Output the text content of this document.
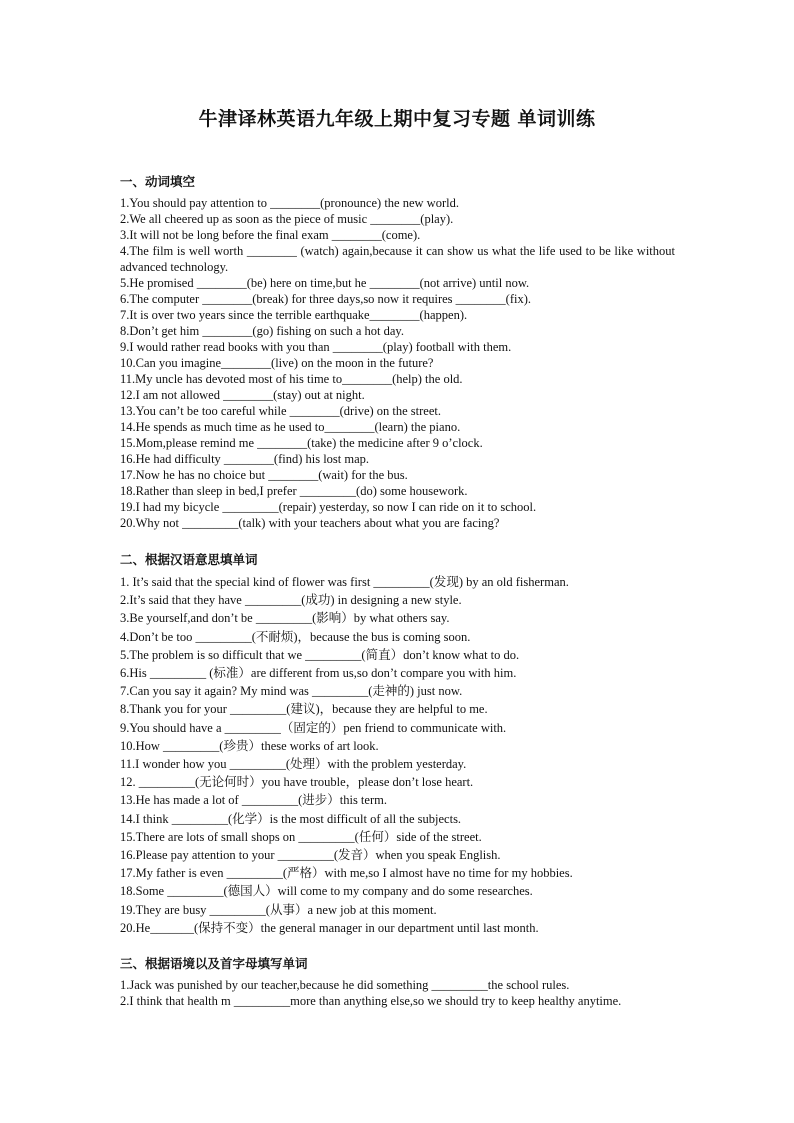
牛津译林英语九年级上期中复习专题 单词训练
一、动词填空
1.You should pay attention to ________(pronounce) the new world.
2.We all cheered up as soon as the piece of music ________(play).
3.It will not be long before the final exam ________(come).
4.The film is well worth ________ (watch) again,because it can show us what the life used to be like without advanced technology.
5.He promised ________(be) here on time,but he ________(not arrive) until now.
6.The computer ________(break) for three days,so now it requires ________(fix).
7.It is over two years since the terrible earthquake________(happen).
8.Don’t get him ________(go) fishing on such a hot day.
9.I would rather read books with you than ________(play) football with them.
10.Can you imagine________(live) on the moon in the future?
11.My uncle has devoted most of his time to________(help) the old.
12.I am not allowed ________(stay) out at night.
13.You can’t be too careful while ________(drive) on the street.
14.He spends as much time as he used to________(learn) the piano.
15.Mom,please remind me ________(take) the medicine after 9 o’clock.
16.He had difficulty ________(find) his lost map.
17.Now he has no choice but ________(wait) for the bus.
18.Rather than sleep in bed,I prefer _________(do) some housework.
19.I had my bicycle _________(repair) yesterday, so now I can ride on it to school.
20.Why not _________(talk) with your teachers about what you are facing?
二、根据汉语意思填单词
1. It’s said that the special kind of flower was first _________(发现) by an old fisherman.
2.It’s said that they have _________(成功) in designing a new style.
3.Be yourself,and don’t be _________(影响）by what others say.
4.Don’t be too _________(不耐烦)，because the bus is coming soon.
5.The problem is so difficult that we _________(简直）don’t know what to do.
6.His _________ (标准）are different from us,so don’t compare you with him.
7.Can you say it again? My mind was _________(走神的) just now.
8.Thank you for your _________(建议)，because they are helpful to me.
9.You should have a _________（固定的）pen friend to communicate with.
10.How _________(珍贵）these works of art look.
11.I wonder how you _________(处理）with the problem yesterday.
12. _________(无论何时）you have trouble，please don’t lose heart.
13.He has made a lot of _________(进步）this term.
14.I think _________(化学）is the most difficult of all the subjects.
15.There are lots of small shops on _________(任何）side of the street.
16.Please pay attention to your _________(发音）when you speak English.
17.My father is even _________(严格）with me,so I almost have no time for my hobbies.
18.Some _________(德国人）will come to my company and do some researches.
19.They are busy _________(从事）a new job at this moment.
20.He_______(保持不变）the general manager in our department until last month.
三、根据语境以及首字母填写单词
1.Jack was punished by our teacher,because he did something _________the school rules.
2.I think that health m _________more than anything else,so we should try to keep healthy anytime.
